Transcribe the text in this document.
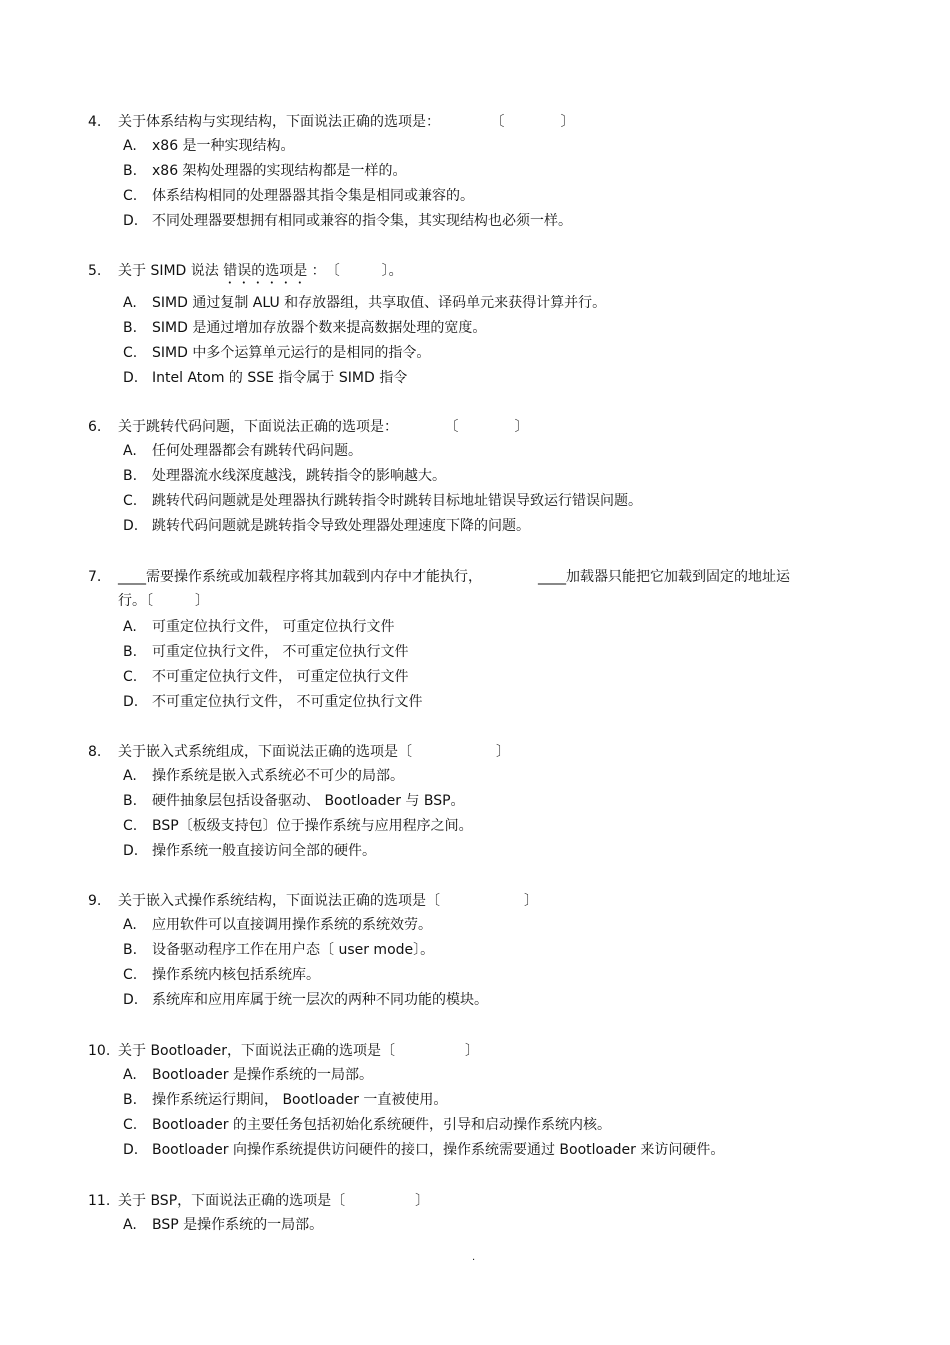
4. 关于体系结构与实现结构，下面说法正确的选项是：	〔　　　　〕
A. x86 是一种实现结构。
B. x86 架构处理器的实现结构都是一样的。
C. 体系结构相同的处理器器其指令集是相同或兼容的。
D. 不同处理器要想拥有相同或兼容的指令集，其实现结构也必须一样。
5. 关于 SIMD 说法 错误的选项是 ：〔　　　〕。
A. SIMD 通过复制 ALU 和存放器组，共享取值、译码单元来获得计算并行。
B. SIMD 是通过增加存放器个数来提高数据处理的宽度。
C. SIMD 中多个运算单元运行的是相同的指令。
D. Intel Atom 的 SSE 指令属于 SIMD 指令
6. 关于跳转代码问题，下面说法正确的选项是：	〔　　　　〕
A. 任何处理器都会有跳转代码问题。
B. 处理器流水线深度越浅，跳转指令的影响越大。
C. 跳转代码问题就是处理器执行跳转指令时跳转目标地址错误导致运行错误问题。
D. 跳转代码问题就是跳转指令导致处理器处理速度下降的问题。
7. ____需要操作系统或加载程序将其加载到内存中才能执行，	____加载器只能把它加载到固定的地址运
行。〔　　　〕
A. 可重定位执行文件， 可重定位执行文件
B. 可重定位执行文件， 不可重定位执行文件
C. 不可重定位执行文件， 可重定位执行文件
D. 不可重定位执行文件， 不可重定位执行文件
8. 关于嵌入式系统组成，下面说法正确的选项是〔　　　　　　〕
A. 操作系统是嵌入式系统必不可少的局部。
B. 硬件抽象层包括设备驱动、 Bootloader 与 BSP。
C. BSP〔板级支持包〕位于操作系统与应用程序之间。
D. 操作系统一般直接访问全部的硬件。
9. 关于嵌入式操作系统结构，下面说法正确的选项是〔　　　　　　〕
A. 应用软件可以直接调用操作系统的系统效劳。
B. 设备驱动程序工作在用户态〔 user mode〕。
C. 操作系统内核包括系统库。
D. 系统库和应用库属于统一层次的两种不同功能的模块。
10. 关于 Bootloader，下面说法正确的选项是〔　　　　　〕
A. Bootloader 是操作系统的一局部。
B. 操作系统运行期间， Bootloader 一直被使用。
C. Bootloader 的主要任务包括初始化系统硬件，引导和启动操作系统内核。
D. Bootloader 向操作系统提供访问硬件的接口，操作系统需要通过 Bootloader 来访问硬件。
11. 关于 BSP，下面说法正确的选项是〔　　　　　〕
A. BSP 是操作系统的一局部。
.
